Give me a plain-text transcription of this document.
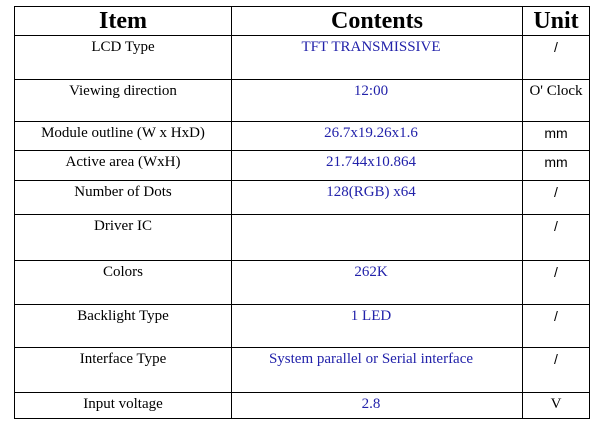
Item	Contents	Unit

LCD Type	TFT TRANSMISSIVE	/

Viewing direction	12:00	O' Clock

Module outline (W x HxD)	26.7x19.26x1.6	mm

Active area (WxH)	21.744x10.864	mm

Number of Dots	128(RGB) x64	/

Driver IC		/

Colors	262K	/

Backlight Type	1 LED	/

Interface Type	System parallel or Serial interface	/

Input voltage	2.8	V
